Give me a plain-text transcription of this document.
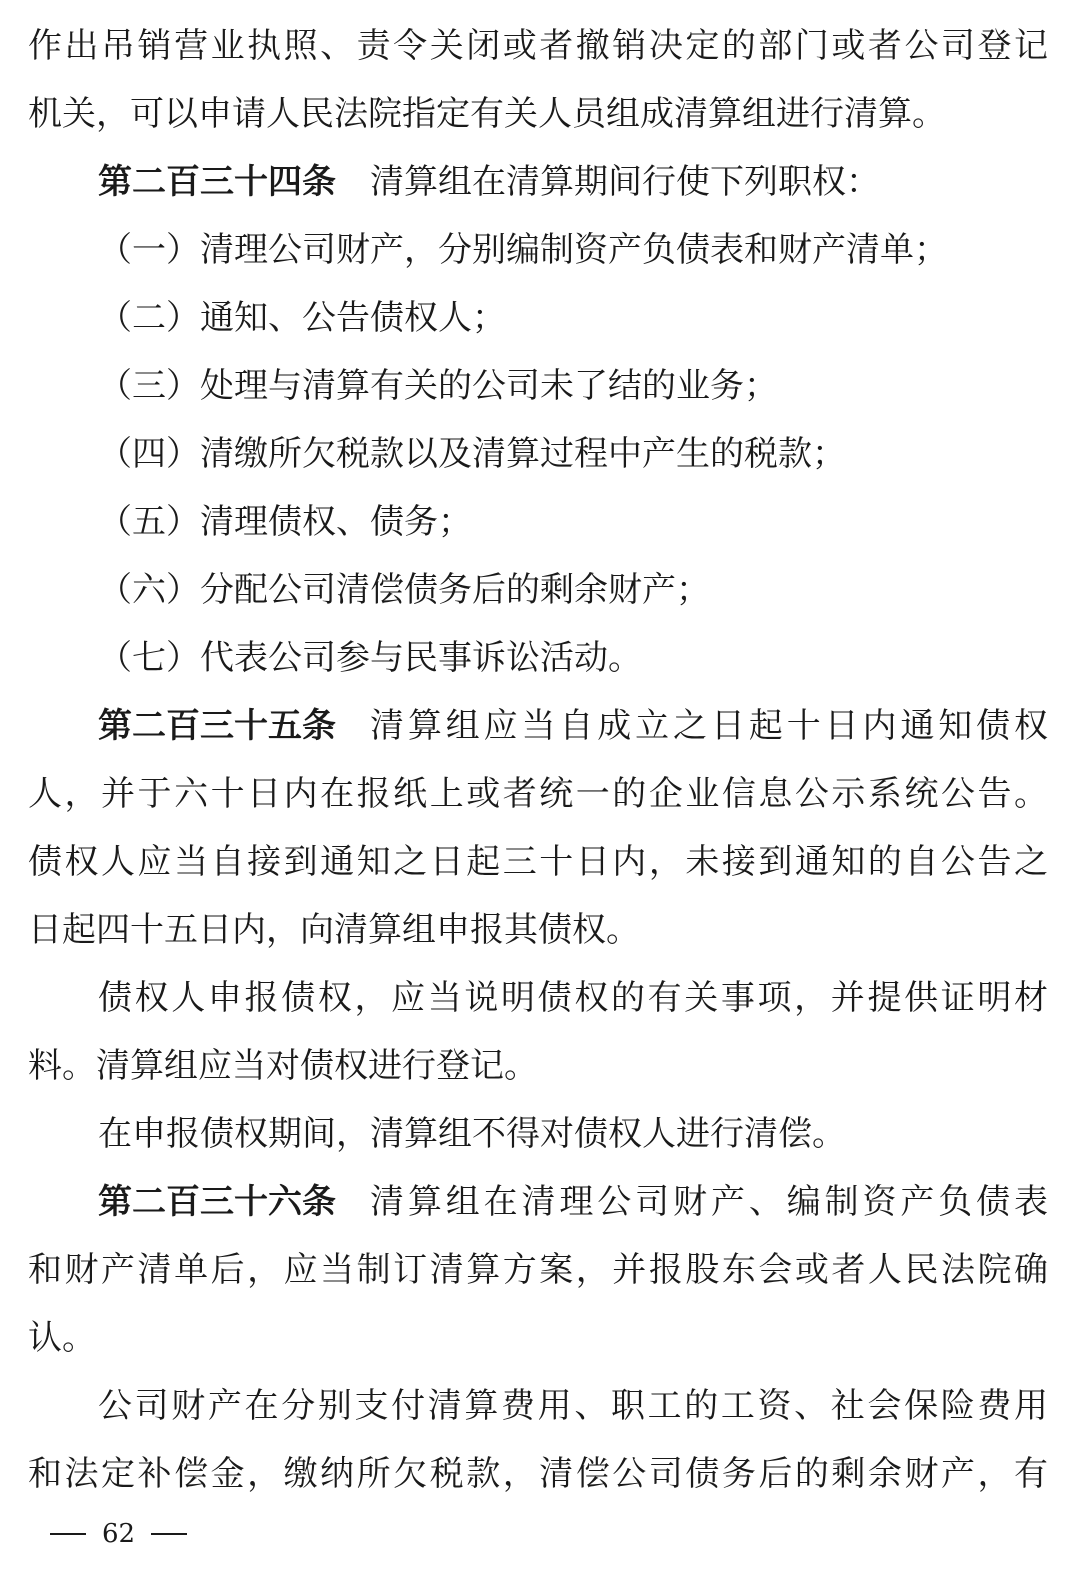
作出吊销营业执照、责令关闭或者撤销决定的部门或者公司登记
机关，可以申请人民法院指定有关人员组成清算组进行清算。
第二百三十四条 清算组在清算期间行使下列职权：
（一）清理公司财产，分别编制资产负债表和财产清单；
（二）通知、公告债权人；
（三）处理与清算有关的公司未了结的业务；
（四）清缴所欠税款以及清算过程中产生的税款；
（五）清理债权、债务；
（六）分配公司清偿债务后的剩余财产；
（七）代表公司参与民事诉讼活动。
第二百三十五条 清算组应当自成立之日起十日内通知债权
人，并于六十日内在报纸上或者统一的企业信息公示系统公告。
债权人应当自接到通知之日起三十日内，未接到通知的自公告之
日起四十五日内，向清算组申报其债权。
债权人申报债权，应当说明债权的有关事项，并提供证明材
料。清算组应当对债权进行登记。
在申报债权期间，清算组不得对债权人进行清偿。
第二百三十六条 清算组在清理公司财产、编制资产负债表
和财产清单后，应当制订清算方案，并报股东会或者人民法院确
认。
公司财产在分别支付清算费用、职工的工资、社会保险费用
和法定补偿金，缴纳所欠税款，清偿公司债务后的剩余财产，有
62
